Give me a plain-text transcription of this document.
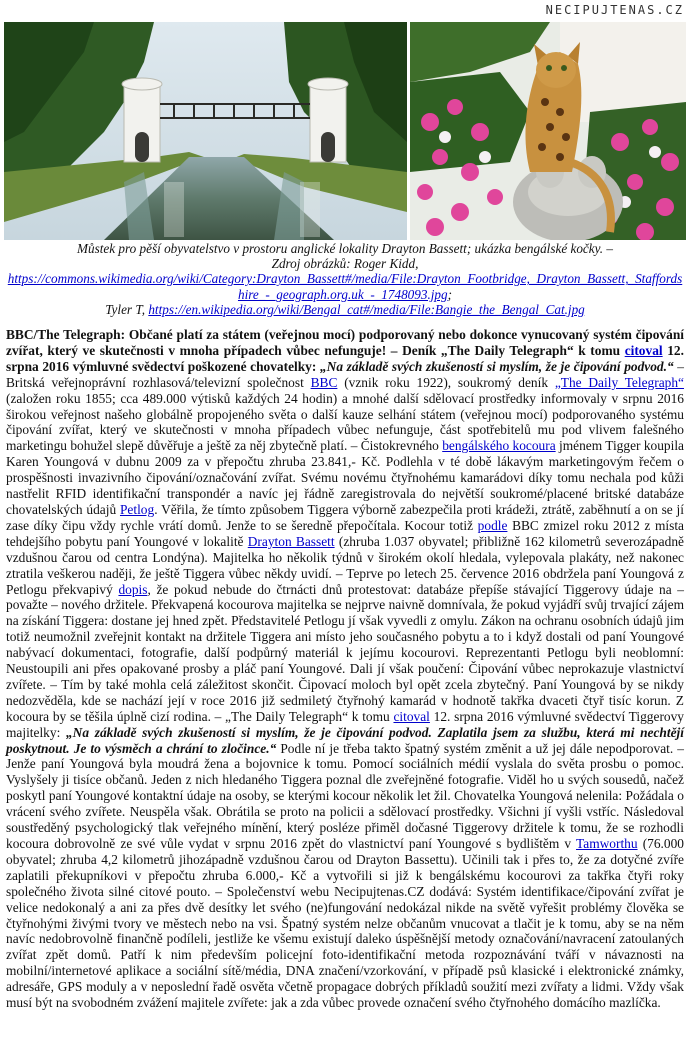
NECIPUJTENAS.CZ
Můstek pro pěší obyvatelstvo v prostoru anglické lokality Drayton Bassett; ukázka bengálské kočky. –
Zdroj obrázků: Roger Kidd,
https://commons.wikimedia.org/wiki/Category:Drayton_Bassett#/media/File:Drayton_Footbridge,_Drayton_Bassett,_Staffordshire_-_geograph.org.uk_-_1748093.jpg;
Tyler T, https://en.wikipedia.org/wiki/Bengal_cat#/media/File:Bangie_the_Bengal_Cat.jpg

BBC/The Telegraph: Občané platí za státem (veřejnou mocí) podporovaný nebo dokonce vynucovaný systém čipování zvířat, který ve skutečnosti v mnoha případech vůbec nefunguje! – Deník „The Daily Telegraph“ k tomu citoval 12. srpna 2016 výmluvné svědectví poškozené chovatelky: „Na základě svých zkušeností si myslím, že je čipování podvod.“ – Britská veřejnoprávní rozhlasová/televizní společnost BBC (vznik roku 1922), soukromý deník „The Daily Telegraph“ (založen roku 1855; cca 489.000 výtisků každých 24 hodin) a mnohé další sdělovací prostředky informovaly v srpnu 2016 širokou veřejnost našeho globálně propojeného světa o další kauze selhání státem (veřejnou mocí) podporovaného systému čipování zvířat, který ve skutečnosti v mnoha případech vůbec nefunguje, část spotřebitelů mu pod vlivem falešného marketingu bohužel slepě důvěřuje a ještě za něj zbytečně platí. – Čistokrevného bengálského kocoura jménem Tigger koupila Karen Youngová v dubnu 2009 za v přepočtu zhruba 23.841,- Kč. Podlehla v té době lákavým marketingovým řečem o prospěšnosti invazivního čipování/označování zvířat. Svému novému čtyřnohému kamarádovi díky tomu nechala pod kůži nastřelit RFID identifikační transpondér a navíc jej řádně zaregistrovala do největší soukromé/placené britské databáze chovatelských údajů Petlog. Věřila, že tímto způsobem Tiggera výborně zabezpečila proti krádeži, ztrátě, zaběhnutí a on se jí zase díky čipu vždy rychle vrátí domů. Jenže to se šeredně přepočítala. Kocour totiž podle BBC zmizel roku 2012 z místa tehdejšího pobytu paní Youngové v lokalitě Drayton Bassett (zhruba 1.037 obyvatel; přibližně 162 kilometrů severozápadně vzdušnou čarou od centra Londýna). Majitelka ho několik týdnů v širokém okolí hledala, vylepovala plakáty, než nakonec ztratila veškerou naději, že ještě Tiggera vůbec někdy uvidí. – Teprve po letech 25. července 2016 obdržela paní Youngová z Petlogu překvapivý dopis, že pokud nebude do čtrnácti dnů protestovat: databáze přepíše stávající Tiggerovy údaje na – považte – nového držitele. Překvapená kocourova majitelka se nejprve naivně domnívala, že pokud vyjádří svůj trvající zájem na získání Tiggera: dostane jej hned zpět. Představitelé Petlogu jí však vyvedli z omylu. Zákon na ochranu osobních údajů jim totiž neumožnil zveřejnit kontakt na držitele Tiggera ani místo jeho současného pobytu a to i když dostali od paní Youngové nabývací dokumentaci, fotografie, další podpůrný materiál k jejímu kocourovi. Reprezentanti Petlogu byli neoblomní: Neustoupili ani přes opakované prosby a pláč paní Youngové. Dali jí však poučení: Čipování vůbec neprokazuje vlastnictví zvířete. – Tím by také mohla celá záležitost skončit. Čipovací moloch byl opět zcela zbytečný. Paní Youngová by se nikdy nedozvěděla, kde se nachází její v roce 2016 již sedmiletý čtyřnohý kamarád v hodnotě takřka dvaceti čtyř tisíc korun. Z kocoura by se těšila úplně cizí rodina. – „The Daily Telegraph“ k tomu citoval 12. srpna 2016 výmluvné svědectví Tiggerovy majitelky: „Na základě svých zkušeností si myslím, že je čipování podvod. Zaplatila jsem za službu, která mi nechtějí poskytnout. Je to výsměch a chrání to zločince.“ Podle ní je třeba takto špatný systém změnit a už jej dále nepodporovat. – Jenže paní Youngová byla moudrá žena a bojovnice k tomu. Pomocí sociálních médií vyslala do světa prosbu o pomoc. Vyslyšely ji tisíce občanů. Jeden z nich hledaného Tiggera poznal dle zveřejněné fotografie. Viděl ho u svých sousedů, načež poskytl paní Youngové kontaktní údaje na osoby, se kterými kocour několik let žil. Chovatelka Youngová nelenila: Požádala o vrácení svého zvířete. Neuspěla však. Obrátila se proto na policii a sdělovací prostředky. Všichni jí vyšli vstříc. Následoval soustředěný psychologický tlak veřejného mínění, který posléze přiměl dočasné Tiggerovy držitele k tomu, že se rozhodli kocoura dobrovolně ze své vůle vydat v srpnu 2016 zpět do vlastnictví paní Youngové s bydlištěm v Tamworthu (76.000 obyvatel; zhruba 4,2 kilometrů jihozápadně vzdušnou čarou od Drayton Bassettu). Učinili tak i přes to, že za dotyčné zvíře zaplatili překupníkovi v přepočtu zhruba 6.000,- Kč a vytvořili si již k bengálskému kocourovi za takřka čtyři roky společného života silné citové pouto. – Společenství webu Necipujtenas.CZ dodává: Systém identifikace/čipování zvířat je velice nedokonalý a ani za přes dvě desítky let svého (ne)fungování nedokázal nikde na světě vyřešit problémy člověka se čtyřnohými živými tvory ve městech nebo na vsi. Špatný systém nelze občanům vnucovat a tlačit je k tomu, aby se na něm navíc nedobrovolně finančně podíleli, jestliže ke všemu existují daleko úspěšnější metody označování/navracení zatoulaných zvířat zpět domů. Patří k nim především policejní foto-identifikační metoda rozpoznávání tváří v návaznosti na mobilní/internetové aplikace a sociální sítě/média, DNA značení/vzorkování, v případě psů klasické i elektronické známky, adresáře, GPS moduly a v neposlední řadě osvěta včetně propagace dobrých příkladů soužití mezi zvířaty a lidmi. Vždy však musí být na svobodném zvážení majitele zvířete: jak a zda vůbec provede označení svého čtyřnohého domácího mazlíčka.
